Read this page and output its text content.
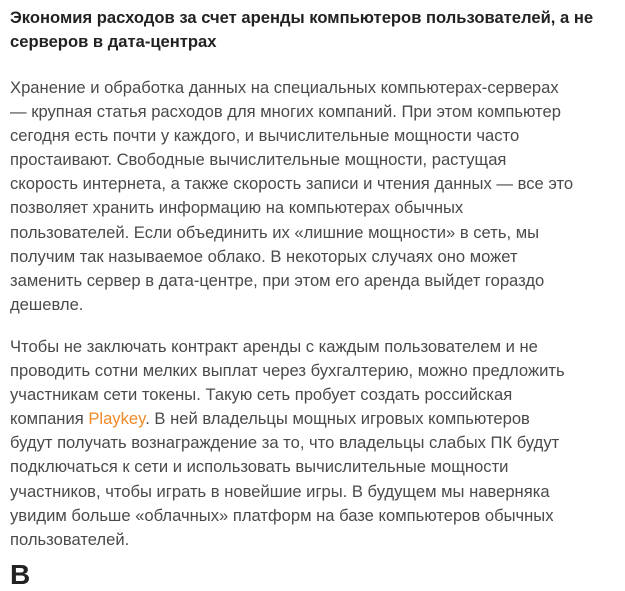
Экономия расходов за счет аренды компьютеров пользователей, а не
серверов в дата-центрах

Хранение и обработка данных на специальных компьютерах-серверах
— крупная статья расходов для многих компаний. При этом компьютер
сегодня есть почти у каждого, и вычислительные мощности часто
простаивают. Свободные вычислительные мощности, растущая
скорость интернета, а также скорость записи и чтения данных — все это
позволяет хранить информацию на компьютерах обычных
пользователей. Если объединить их «лишние мощности» в сеть, мы
получим так называемое облако. В некоторых случаях оно может
заменить сервер в дата-центре, при этом его аренда выйдет гораздо
дешевле.

Чтобы не заключать контракт аренды с каждым пользователем и не
проводить сотни мелких выплат через бухгалтерию, можно предложить
участникам сети токены. Такую сеть пробует создать российская
компания Playkey. В ней владельцы мощных игровых компьютеров
будут получать вознаграждение за то, что владельцы слабых ПК будут
подключаться к сети и использовать вычислительные мощности
участников, чтобы играть в новейшие игры. В будущем мы наверняка
увидим больше «облачных» платформ на базе компьютеров обычных
пользователей.

В
